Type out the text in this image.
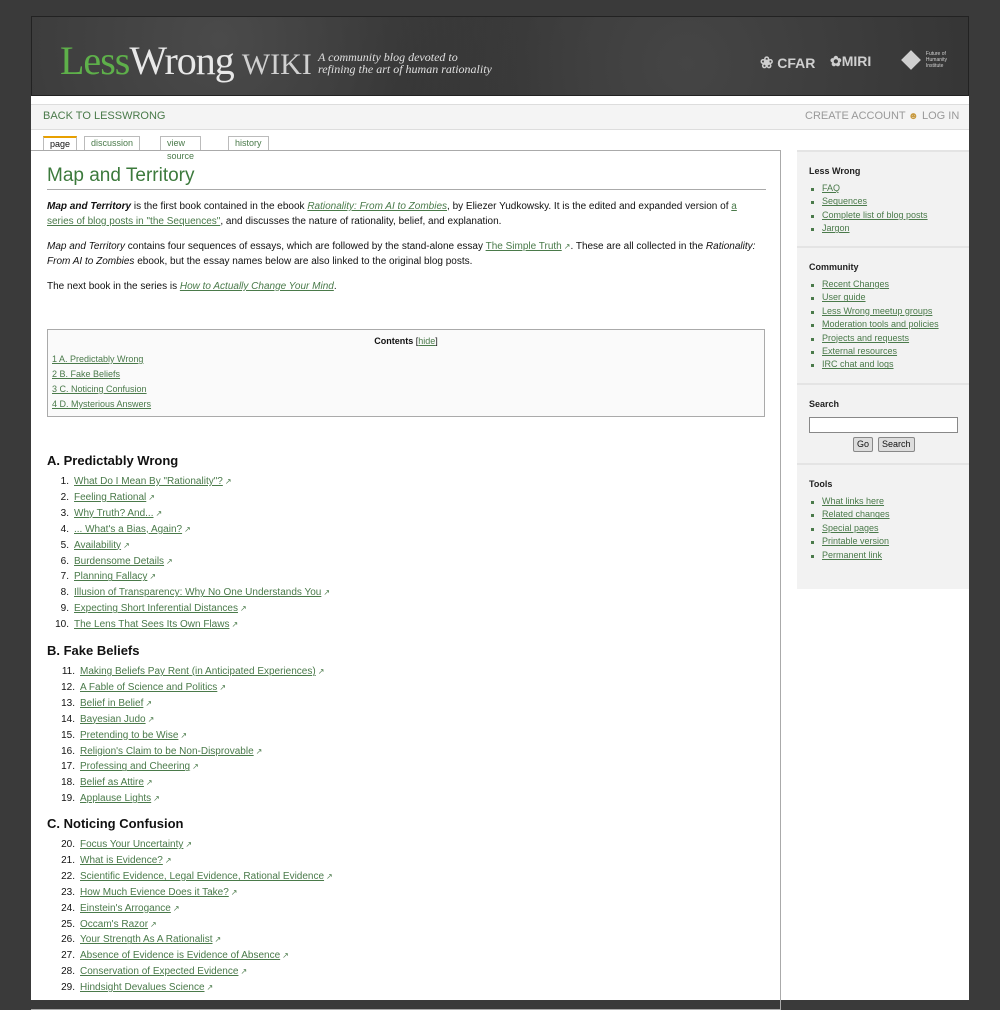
LessWrong WIKI A community blog devoted to
refining the art of human rationality	❀ CFAR ✿MIRI	Future of Humanity Institute
BACK TO LESSWRONG	CREATE ACCOUNT ☻ LOG IN
page	discussion	view source
history
Map and Territory
Map and Territory is the first book contained in the ebook Rationality: From AI to Zombies, by Eliezer Yudkowsky. It is the edited and expanded version of a series of blog posts in "the Sequences", and discusses the nature of rationality, belief, and explanation.
Map and Territory contains four sequences of essays, which are followed by the stand-alone essay The Simple Truth ↗. These are all collected in the Rationality: From AI to Zombies ebook, but the essay names below are also linked to the original blog posts.
The next book in the series is How to Actually Change Your Mind.
Contents [hide]
1 A. Predictably Wrong
2 B. Fake Beliefs
3 C. Noticing Confusion
4 D. Mysterious Answers
A. Predictably Wrong
1. What Do I Mean By "Rationality"? ↗
2. Feeling Rational ↗
3. Why Truth? And... ↗
4. ... What's a Bias, Again? ↗
5. Availability ↗
6. Burdensome Details ↗
7. Planning Fallacy ↗
8. Illusion of Transparency: Why No One Understands You ↗
9. Expecting Short Inferential Distances ↗
10. The Lens That Sees Its Own Flaws ↗
B. Fake Beliefs
11. Making Beliefs Pay Rent (in Anticipated Experiences) ↗
12. A Fable of Science and Politics ↗
13. Belief in Belief ↗
14. Bayesian Judo ↗
15. Pretending to be Wise ↗
16. Religion's Claim to be Non-Disprovable ↗
17. Professing and Cheering ↗
18. Belief as Attire ↗
19. Applause Lights ↗
C. Noticing Confusion
20. Focus Your Uncertainty ↗
21. What is Evidence? ↗
22. Scientific Evidence, Legal Evidence, Rational Evidence ↗
23. How Much Evience Does it Take? ↗
24. Einstein's Arrogance ↗
25. Occam's Razor ↗
26. Your Strength As A Rationalist ↗
27. Absence of Evidence is Evidence of Absence ↗
28. Conservation of Expected Evidence ↗
29. Hindsight Devalues Science ↗
Less Wrong
FAQ
Sequences
Complete list of blog posts
Jargon
Community
Recent Changes
User guide
Less Wrong meetup groups
Moderation tools and policies
Projects and requests
External resources
IRC chat and logs
Search
Go	Search
Tools
What links here
Related changes
Special pages
Printable version
Permanent link
